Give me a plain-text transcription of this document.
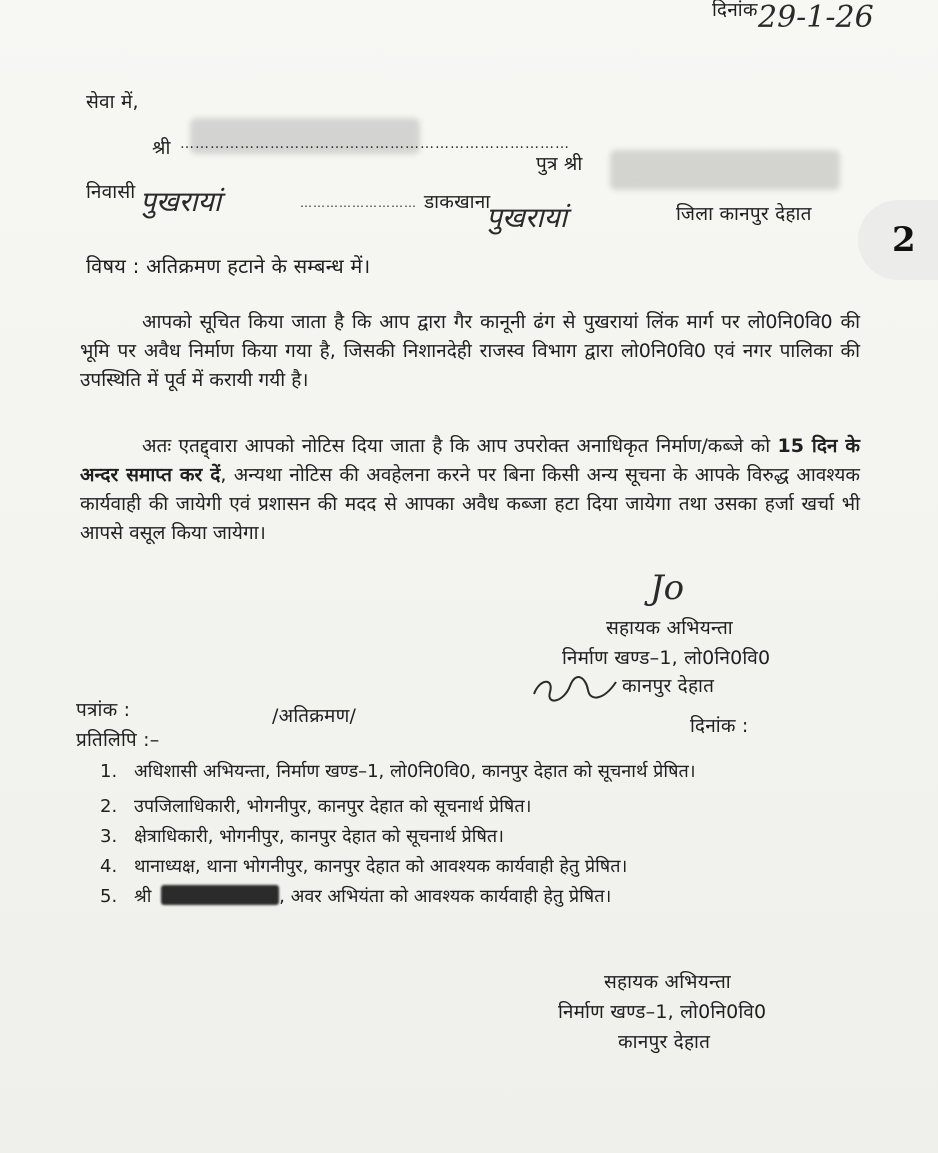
दिनांक 29-1-26
सेवा में,
श्री ……………………………………………………………………
पुत्र श्री
निवासी पुखरायां	……………………… डाकखाना
पुखरायां	जिला कानपुर देहात
2
विषय : अतिक्रमण हटाने के सम्बन्ध में।

आपको सूचित किया जाता है कि आप द्वारा गैर कानूनी ढंग से पुखरायां लिंक मार्ग पर लो0नि0वि0 की भूमि पर अवैध निर्माण किया गया है, जिसकी निशानदेही राजस्व विभाग द्वारा लो0नि0वि0 एवं नगर पालिका की उपस्थिति में पूर्व में करायी गयी है।

अतः एतद्द्वारा आपको नोटिस दिया जाता है कि आप उपरोक्त अनाधिकृत निर्माण/कब्जे को 15 दिन के अन्दर समाप्त कर दें, अन्यथा नोटिस की अवहेलना करने पर बिना किसी अन्य सूचना के आपके विरुद्ध आवश्यक कार्यवाही की जायेगी एवं प्रशासन की मदद से आपका अवैध कब्जा हटा दिया जायेगा तथा उसका हर्जा खर्चा भी आपसे वसूल किया जायेगा।

Jo
सहायक अभियन्ता
निर्माण खण्ड–1, लो0नि0वि0
कानपुर देहात
पत्रांक :	/अतिक्रमण/	दिनांक :
प्रतिलिपि :–
1. अधिशासी अभियन्ता, निर्माण खण्ड–1, लो0नि0वि0, कानपुर देहात को सूचनार्थ प्रेषित।
2. उपजिलाधिकारी, भोगनीपुर, कानपुर देहात को सूचनार्थ प्रेषित।
3. क्षेत्राधिकारी, भोगनीपुर, कानपुर देहात को सूचनार्थ प्रेषित।
4. थानाध्यक्ष, थाना भोगनीपुर, कानपुर देहात को आवश्यक कार्यवाही हेतु प्रेषित।
5. श्री	, अवर अभियंता को आवश्यक कार्यवाही हेतु प्रेषित।
सहायक अभियन्ता
निर्माण खण्ड–1, लो0नि0वि0
कानपुर देहात
